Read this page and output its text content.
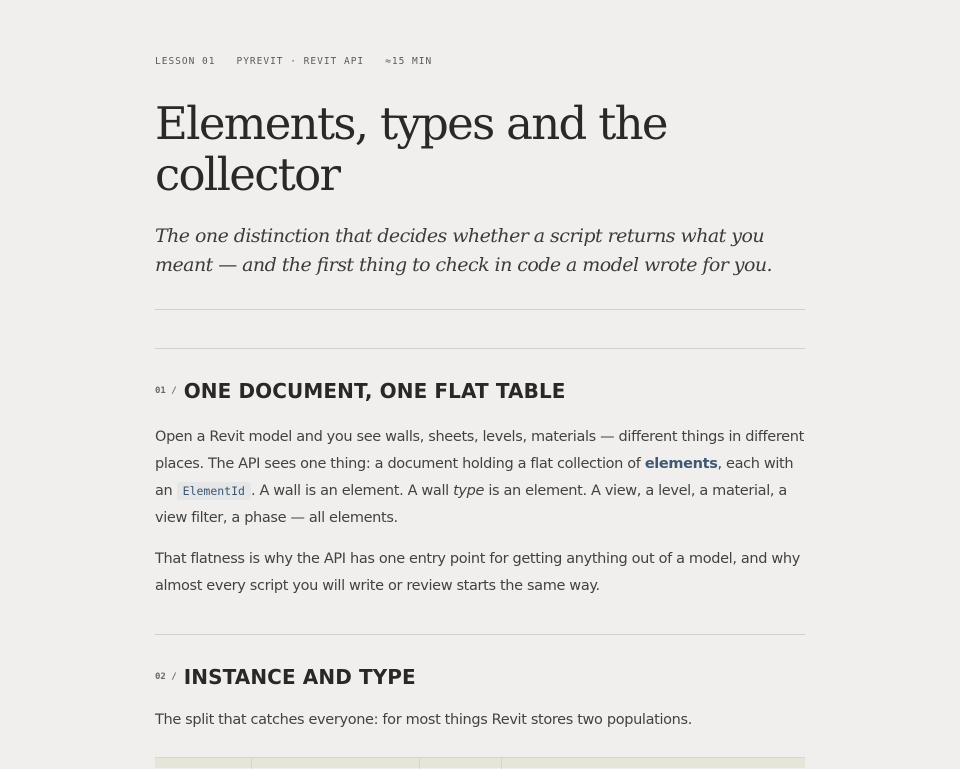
LESSON 01 PYREVIT · REVIT API ≈15 MIN
Elements, types and the collector

The one distinction that decides whether a script returns what you meant — and the first thing to check in code a model wrote for you.

01 / ONE DOCUMENT, ONE FLAT TABLE

Open a Revit model and you see walls, sheets, levels, materials — different things in different places. The API sees one thing: a document holding a flat collection of elements, each with an ElementId . A wall is an element. A wall type is an element. A view, a level, a material, a view filter, a phase — all elements.

That flatness is why the API has one entry point for getting anything out of a model, and why almost every script you will write or review starts the same way.

02 / INSTANCE AND TYPE

The split that catches everyone: for most things Revit stores two populations.
